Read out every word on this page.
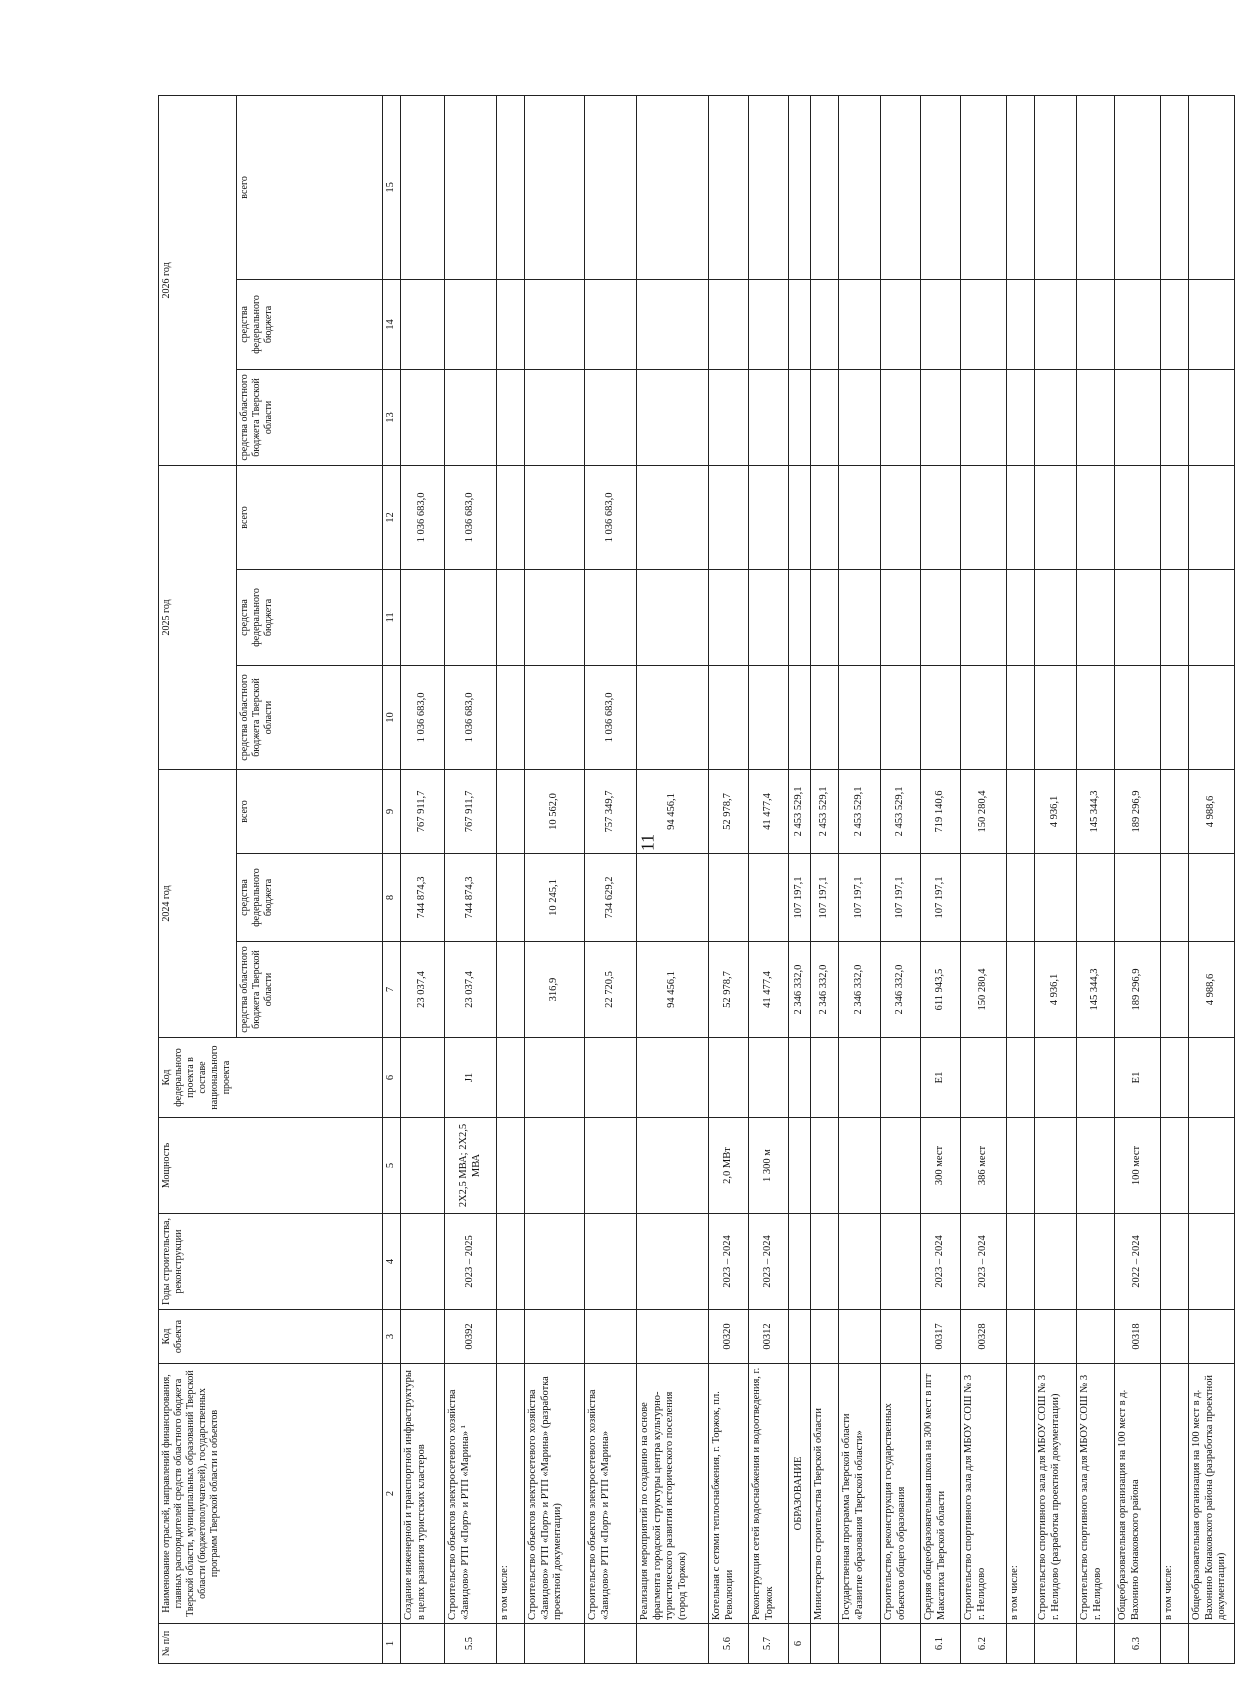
11
№ п/п	Наименование отраслей, направлений финансирования, главных распорядителей средств областного бюджета Тверской области, муниципальных образований Тверской области (бюджетополучателей), государственных программ Тверской области и объектов	Код объекта	Годы строительства, реконструкции	Мощность	Код федерального проекта в составе национального проекта	2024 год			2025 год			2026 год		
						средства областного бюджета Тверской области	средства федерального бюджета	всего	средства областного бюджета Тверской области	средства федерального бюджета	всего	средства областного бюджета Тверской области	средства федерального бюджета	всего
1	2	3	4	5	6	7	8	9	10	11	12	13	14	15
	Создание инженерной и транспортной инфраструктуры в целях развития туристских кластеров					23 037,4	744 874,3	767 911,7	1 036 683,0		1 036 683,0			
5.5	Строительство объектов электросетевого хозяйства «Завидово» РТП «Порт» и РТП «Марина» ¹	00392	2023 – 2025	2Х2,5 МВА; 2Х2,5 МВА	J1	23 037,4	744 874,3	767 911,7	1 036 683,0		1 036 683,0			
	в том числе:													
	Строительство объектов электросетевого хозяйства «Завидово» РТП «Порт» и РТП «Марина» (разработка проектной документации)					316,9	10 245,1	10 562,0						
	Строительство объектов электросетевого хозяйства «Завидово» РТП «Порт» и РТП «Марина»					22 720,5	734 629,2	757 349,7	1 036 683,0		1 036 683,0			
	Реализация мероприятий по созданию на основе фрагмента городской структуры центра культурно-туристического развития исторического поселения (город Торжок)					94 456,1		94 456,1						
5.6	Котельная с сетями теплоснабжения, г. Торжок, пл. Революции	00320	2023 – 2024	2,0 МВт		52 978,7		52 978,7						
5.7	Реконструкция сетей водоснабжения и водоотведения, г. Торжок	00312	2023 – 2024	1 300 м		41 477,4		41 477,4						
6	ОБРАЗОВАНИЕ					2 346 332,0	107 197,1	2 453 529,1						
	Министерство строительства Тверской области					2 346 332,0	107 197,1	2 453 529,1						
	Государственная программа Тверской области «Развитие образования Тверской области»					2 346 332,0	107 197,1	2 453 529,1						
	Строительство, реконструкция государственных объектов общего образования					2 346 332,0	107 197,1	2 453 529,1						
6.1	Средняя общеобразовательная школа на 300 мест в пгт Максатиха Тверской области	00317	2023 – 2024	300 мест	Е1	611 943,5	107 197,1	719 140,6						
6.2	Строительство спортивного зала для МБОУ СОШ № 3 г. Нелидово	00328	2023 – 2024	386 мест		150 280,4		150 280,4						
	в том числе:													
	Строительство спортивного зала для МБОУ СОШ № 3 г. Нелидово (разработка проектной документации)					4 936,1		4 936,1						
	Строительство спортивного зала для МБОУ СОШ № 3 г. Нелидово					145 344,3		145 344,3						
6.3	Общеобразовательная организация на 100 мест в д. Вахонино Конаковского района	00318	2022 – 2024	100 мест	Е1	189 296,9		189 296,9						
	в том числе:													
	Общеобразовательная организация на 100 мест в д. Вахонино Конаковского района (разработка проектной документации)					4 988,6		4 988,6						
